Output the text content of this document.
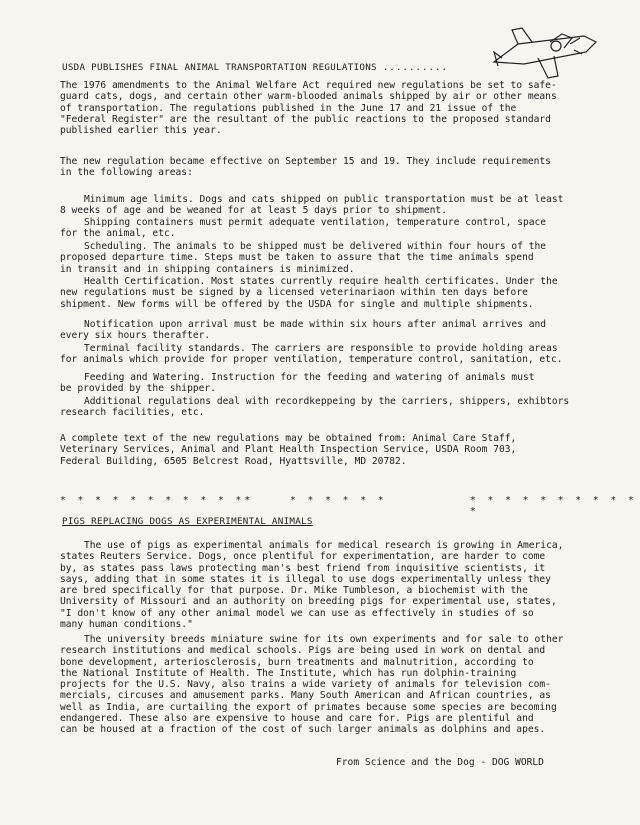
USDA PUBLISHES FINAL ANIMAL TRANSPORTATION REGULATIONS ..........

The 1976 amendments to the Animal Welfare Act required new regulations be set to safe-
guard cats, dogs, and certain other warm-blooded animals shipped by air or other means
of transportation. The regulations published in the June 17 and 21 issue of the
"Federal Register" are the resultant of the public reactions to the proposed standard
published earlier this year.

The new regulation became effective on September 15 and 19. They include requirements
in the following areas:

Minimum age limits. Dogs and cats shipped on public transportation must be at least
8 weeks of age and be weaned for at least 5 days prior to shipment.

Shipping containers must permit adequate ventilation, temperature control, space
for the animal, etc.

Scheduling. The animals to be shipped must be delivered within four hours of the
proposed departure time. Steps must be taken to assure that the time animals spend
in transit and in shipping containers is minimized.

Health Certification. Most states currently require health certificates. Under the
new regulations must be signed by a licensed veterinariaon within ten days before
shipment. New forms will be offered by the USDA for single and multiple shipments.

Notification upon arrival must be made within six hours after animal arrives and
every six hours therafter.

Terminal facility standards. The carriers are responsible to provide holding areas
for animals which provide for proper ventilation, temperature control, sanitation, etc.

Feeding and Watering. Instruction for the feeding and watering of animals must
be provided by the shipper.

Additional regulations deal with recordkeppeing by the carriers, shippers, exhibtors
research facilities, etc.

A complete text of the new regulations may be obtained from: Animal Care Staff,
Veterinary Services, Animal and Plant Health Inspection Service, USDA Room 703,
Federal Building, 6505 Belcrest Road, Hyattsville, MD 20782.

* * * * * * * * * * **	* * * * * *	* * * * * * * * * * *
PIGS REPLACING DOGS AS EXPERIMENTAL ANIMALS

The use of pigs as experimental animals for medical research is growing in America,
states Reuters Service. Dogs, once plentiful for experimentation, are harder to come
by, as states pass laws protecting man's best friend from inquisitive scientists, it
says, adding that in some states it is illegal to use dogs experimentally unless they
are bred specifically for that purpose. Dr. Mike Tumbleson, a biochemist with the
University of Missouri and an authority on breeding pigs for experimental use, states,
"I don't know of any other animal model we can use as effectively in studies of so
many human conditions."

The university breeds miniature swine for its own experiments and for sale to other
research institutions and medical schools. Pigs are being used in work on dental and
bone development, arteriosclerosis, burn treatments and malnutrition, according to
the National Institute of Health. The Institute, which has run dolphin-training
projects for the U.S. Navy, also trains a wide variety of animals for television com-
mercials, circuses and amusement parks. Many South American and African countries, as
well as India, are curtailing the export of primates because some species are becoming
endangered. These also are expensive to house and care for. Pigs are plentiful and
can be housed at a fraction of the cost of such larger animals as dolphins and apes.

From Science and the Dog - DOG WORLD
